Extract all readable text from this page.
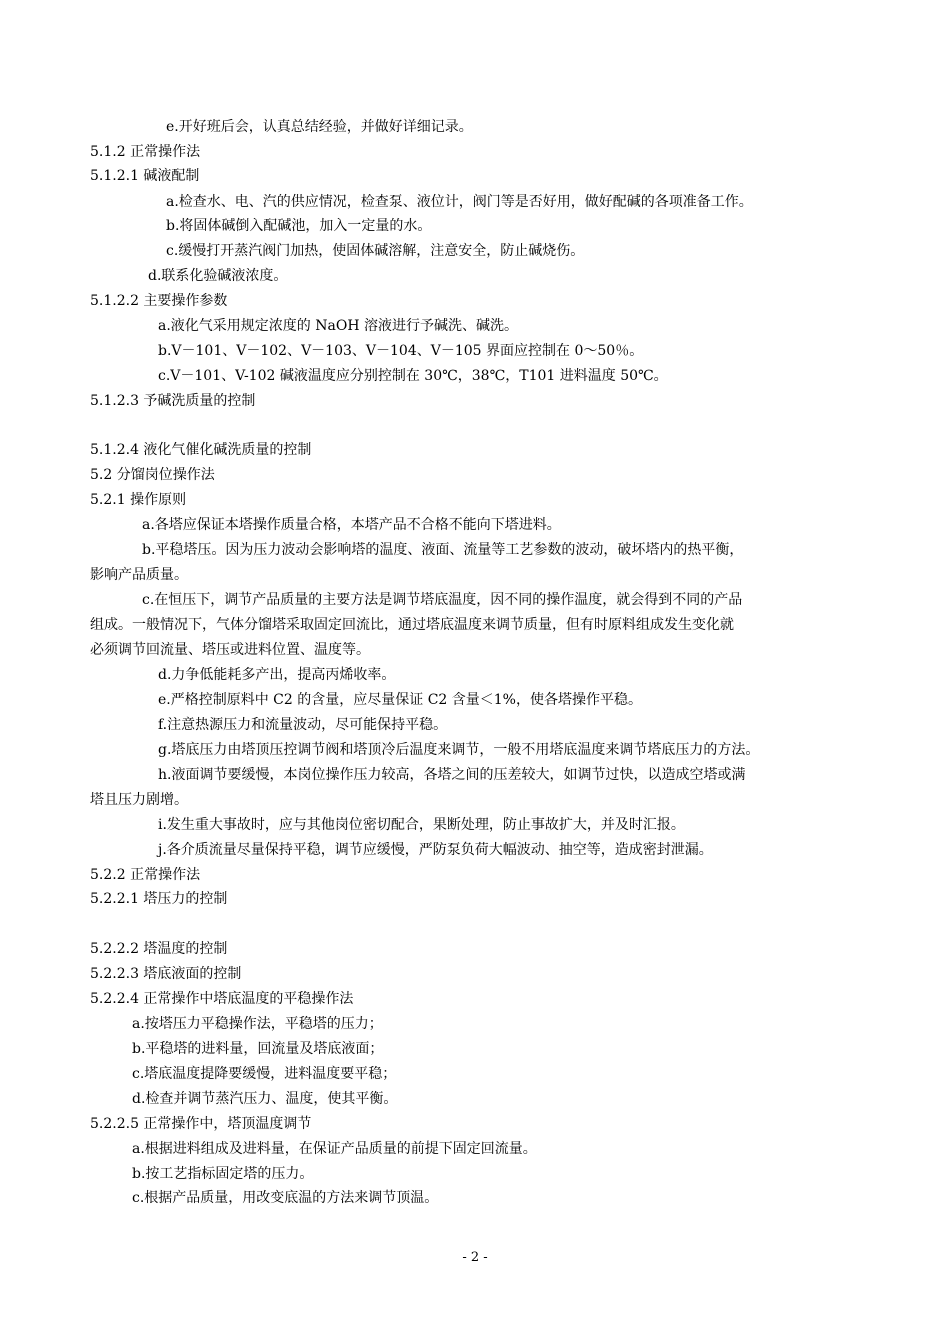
e.开好班后会，认真总结经验，并做好详细记录。
5.1.2 正常操作法
5.1.2.1 碱液配制
a.检查水、电、汽的供应情况，检查泵、液位计，阀门等是否好用，做好配碱的各项准备工作。
b.将固体碱倒入配碱池，加入一定量的水。
c.缓慢打开蒸汽阀门加热，使固体碱溶解，注意安全，防止碱烧伤。
d.联系化验碱液浓度。
5.1.2.2 主要操作参数
a.液化气采用规定浓度的 NaOH 溶液进行予碱洗、碱洗。
b.V－101、V－102、V－103、V－104、V－105 界面应控制在 0～50％。
c.V－101、V-102 碱液温度应分别控制在 30℃，38℃，T101 进料温度 50℃。
5.1.2.3 予碱洗质量的控制
5.1.2.4 液化气催化碱洗质量的控制
5.2 分馏岗位操作法
5.2.1 操作原则
a.各塔应保证本塔操作质量合格，本塔产品不合格不能向下塔进料。
b.平稳塔压。因为压力波动会影响塔的温度、液面、流量等工艺参数的波动，破坏塔内的热平衡，
影响产品质量。
c.在恒压下，调节产品质量的主要方法是调节塔底温度，因不同的操作温度，就会得到不同的产品
组成。一般情况下，气体分馏塔采取固定回流比，通过塔底温度来调节质量，但有时原料组成发生变化就
必须调节回流量、塔压或进料位置、温度等。
d.力争低能耗多产出，提高丙烯收率。
e.严格控制原料中 C2 的含量，应尽量保证 C2 含量＜1%，使各塔操作平稳。
f.注意热源压力和流量波动，尽可能保持平稳。
g.塔底压力由塔顶压控调节阀和塔顶冷后温度来调节，一般不用塔底温度来调节塔底压力的方法。
h.液面调节要缓慢，本岗位操作压力较高，各塔之间的压差较大，如调节过快，以造成空塔或满
塔且压力剧增。
i.发生重大事故时，应与其他岗位密切配合，果断处理，防止事故扩大，并及时汇报。
j.各介质流量尽量保持平稳，调节应缓慢，严防泵负荷大幅波动、抽空等，造成密封泄漏。
5.2.2 正常操作法
5.2.2.1 塔压力的控制
5.2.2.2 塔温度的控制
5.2.2.3 塔底液面的控制
5.2.2.4 正常操作中塔底温度的平稳操作法
a.按塔压力平稳操作法，平稳塔的压力；
b.平稳塔的进料量，回流量及塔底液面；
c.塔底温度提降要缓慢，进料温度要平稳；
d.检查并调节蒸汽压力、温度，使其平衡。
5.2.2.5 正常操作中，塔顶温度调节
a.根据进料组成及进料量，在保证产品质量的前提下固定回流量。
b.按工艺指标固定塔的压力。
c.根据产品质量，用改变底温的方法来调节顶温。
- 2 -
